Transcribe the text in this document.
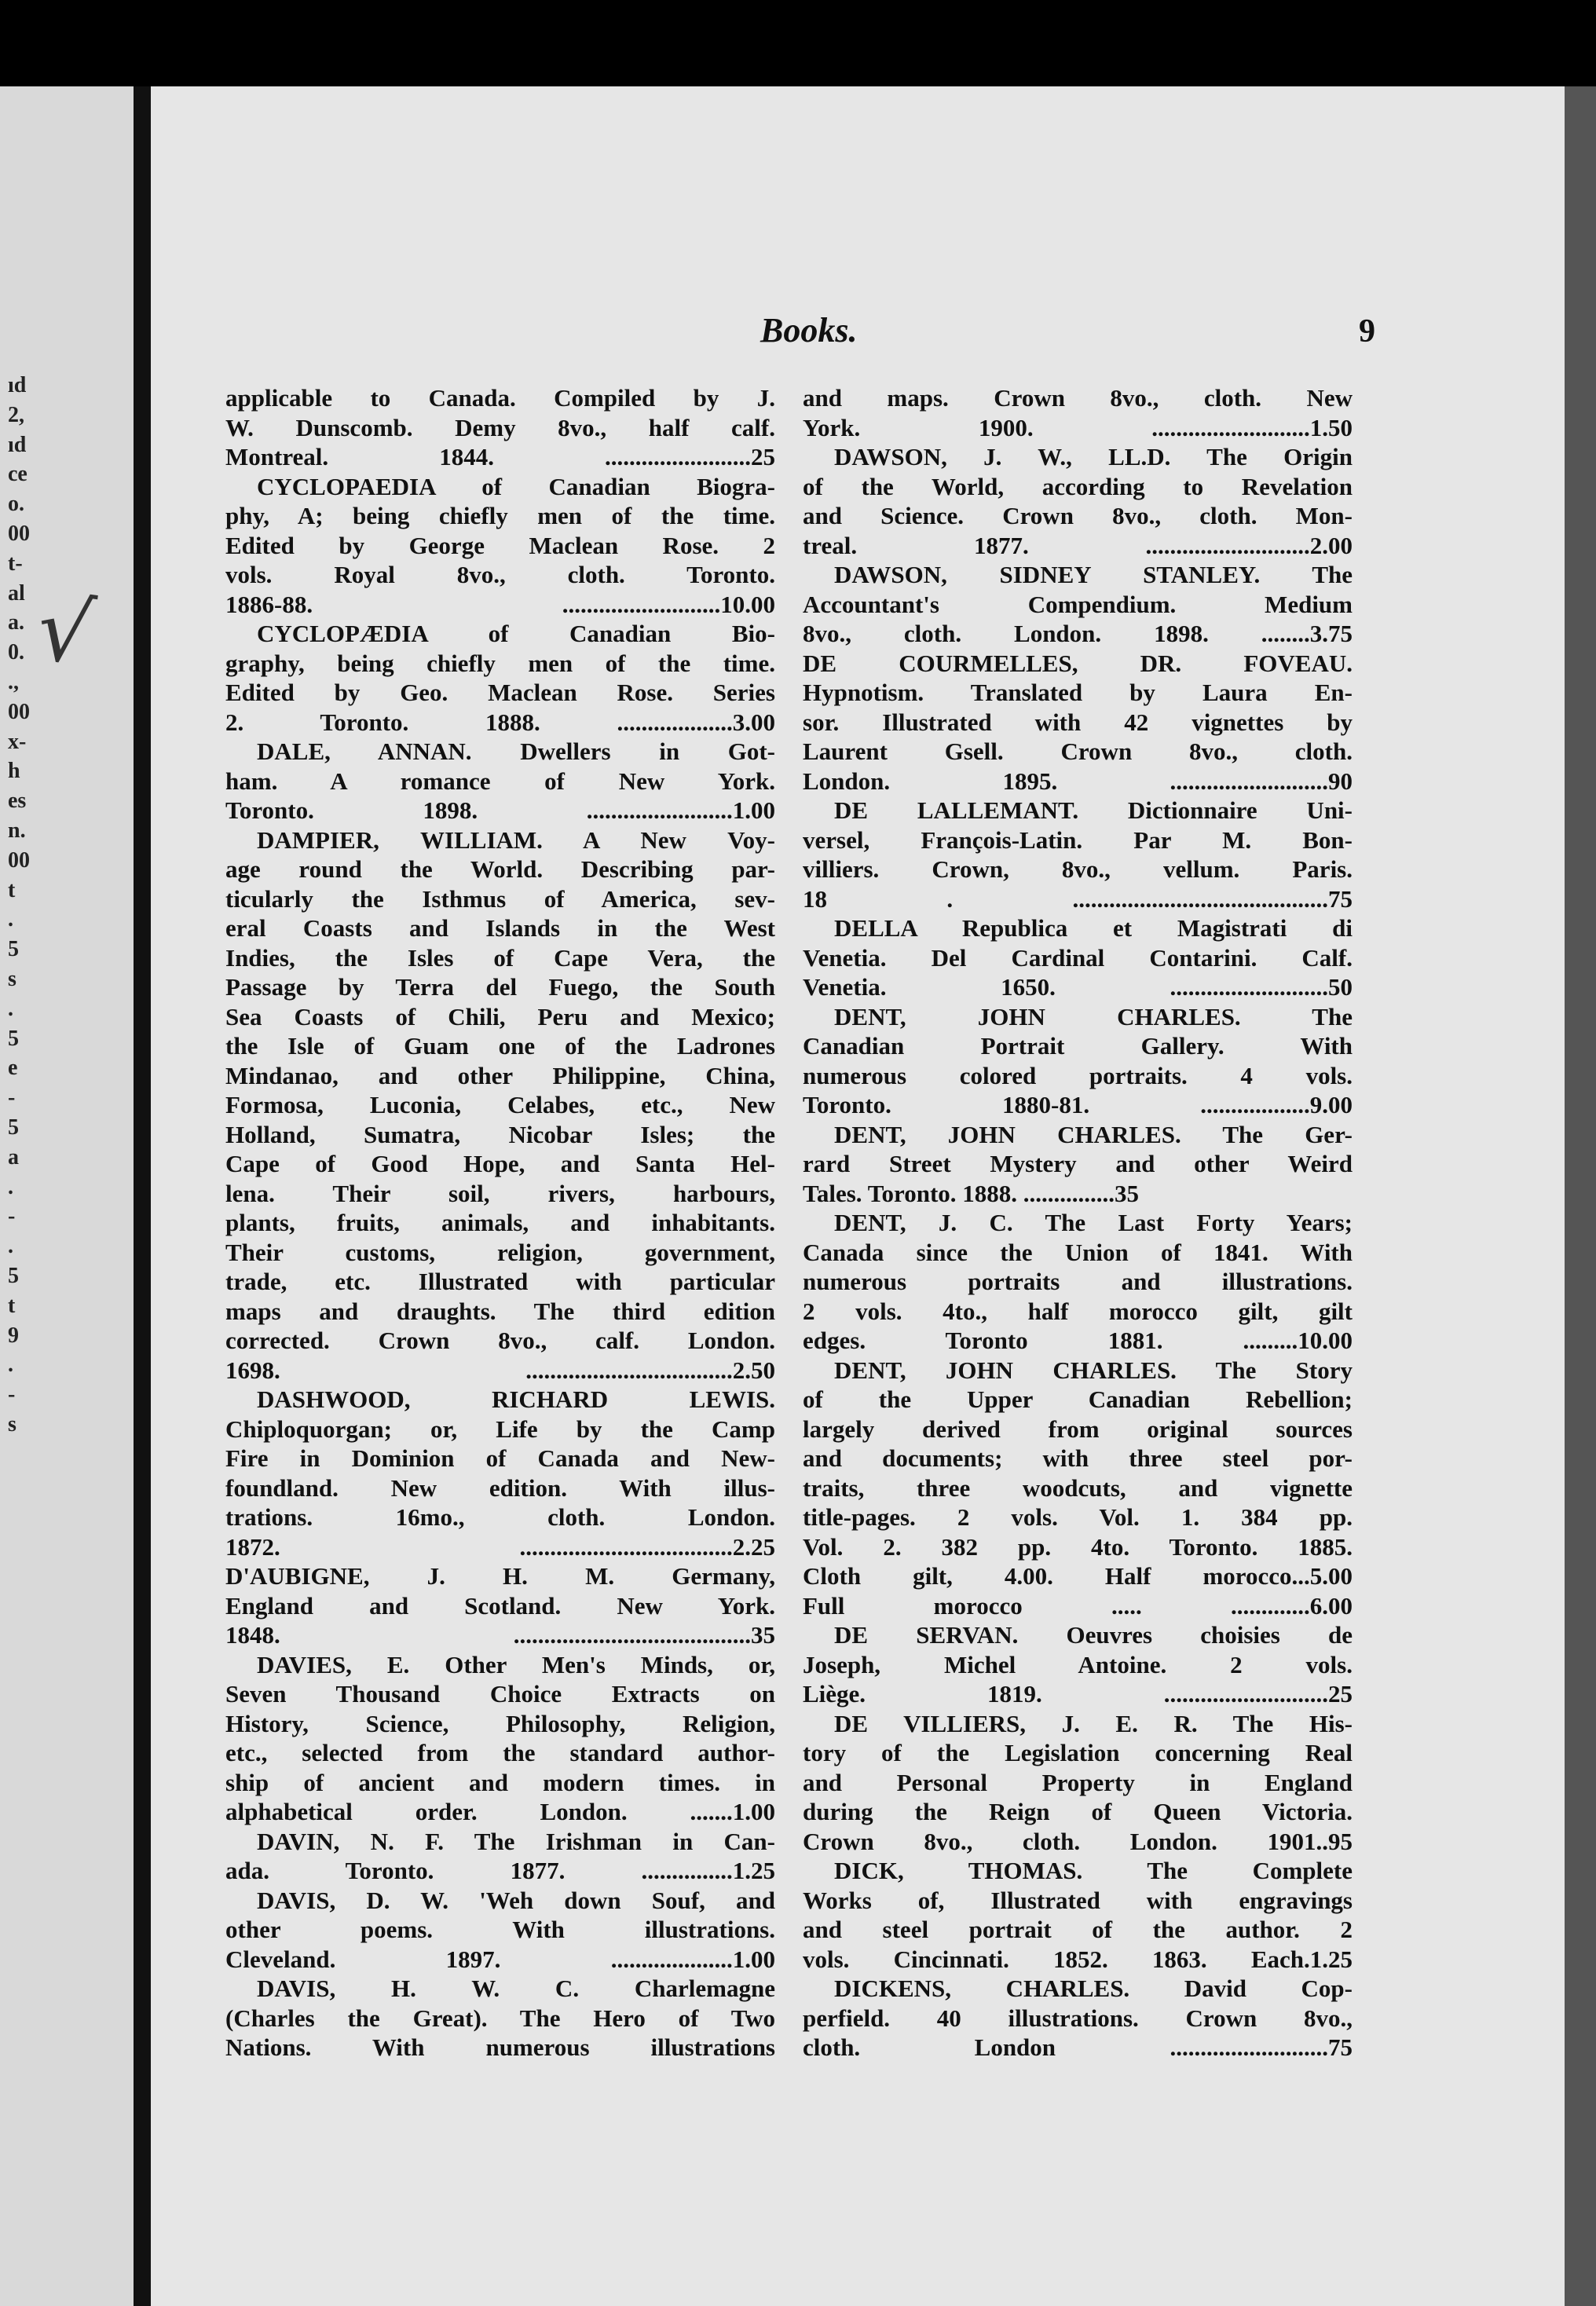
ıd
2,
ıd
ce
o.
00
t-
al
a.
0.
.,
00
x-
h
es
n.
00
t
.
5
s
.
5
e
-
5
a
.
-
.
5
t
9
.
-
s
√
Books.	9
applicable to Canada. Compiled by J.
W. Dunscomb. Demy 8vo., half calf.
Montreal. 1844. ........................25
CYCLOPAEDIA of Canadian Biogra-
phy, A; being chiefly men of the time.
Edited by George Maclean Rose. 2
vols. Royal 8vo., cloth. Toronto.
1886-88. ..........................10.00
CYCLOPÆDIA of Canadian Bio-
graphy, being chiefly men of the time.
Edited by Geo. Maclean Rose. Series
2. Toronto. 1888. ...................3.00
DALE, ANNAN. Dwellers in Got-
ham. A romance of New York.
Toronto. 1898. ........................1.00
DAMPIER, WILLIAM. A New Voy-
age round the World. Describing par-
ticularly the Isthmus of America, sev-
eral Coasts and Islands in the West
Indies, the Isles of Cape Vera, the
Passage by Terra del Fuego, the South
Sea Coasts of Chili, Peru and Mexico;
the Isle of Guam one of the Ladrones
Mindanao, and other Philippine, China,
Formosa, Luconia, Celabes, etc., New
Holland, Sumatra, Nicobar Isles; the
Cape of Good Hope, and Santa Hel-
lena. Their soil, rivers, harbours,
plants, fruits, animals, and inhabitants.
Their customs, religion, government,
trade, etc. Illustrated with particular
maps and draughts. The third edition
corrected. Crown 8vo., calf. London.
1698. ..................................2.50
DASHWOOD, RICHARD LEWIS.
Chiploquorgan; or, Life by the Camp
Fire in Dominion of Canada and New-
foundland. New edition. With illus-
trations. 16mo., cloth. London.
1872. ...................................2.25
D'AUBIGNE, J. H. M. Germany,
England and Scotland. New York.
1848. .......................................35
DAVIES, E. Other Men's Minds, or,
Seven Thousand Choice Extracts on
History, Science, Philosophy, Religion,
etc., selected from the standard author-
ship of ancient and modern times. in
alphabetical order. London. .......1.00
DAVIN, N. F. The Irishman in Can-
ada. Toronto. 1877. ...............1.25
DAVIS, D. W. 'Weh down Souf, and
other poems. With illustrations.
Cleveland. 1897. ....................1.00
DAVIS, H. W. C. Charlemagne
(Charles the Great). The Hero of Two
Nations. With numerous illustrations
and maps. Crown 8vo., cloth. New
York. 1900. ..........................1.50
DAWSON, J. W., LL.D. The Origin
of the World, according to Revelation
and Science. Crown 8vo., cloth. Mon-
treal. 1877. ...........................2.00
DAWSON, SIDNEY STANLEY. The
Accountant's Compendium. Medium
8vo., cloth. London. 1898. ........3.75
DE COURMELLES, DR. FOVEAU.
Hypnotism. Translated by Laura En-
sor. Illustrated with 42 vignettes by
Laurent Gsell. Crown 8vo., cloth.
London. 1895. ..........................90
DE LALLEMANT. Dictionnaire Uni-
versel, François-Latin. Par M. Bon-
villiers. Crown, 8vo., vellum. Paris.
18 . ..........................................75
DELLA Republica et Magistrati di
Venetia. Del Cardinal Contarini. Calf.
Venetia. 1650. ..........................50
DENT, JOHN CHARLES. The
Canadian Portrait Gallery. With
numerous colored portraits. 4 vols.
Toronto. 1880-81. ..................9.00
DENT, JOHN CHARLES. The Ger-
rard Street Mystery and other Weird
Tales. Toronto. 1888. ...............35
DENT, J. C. The Last Forty Years;
Canada since the Union of 1841. With
numerous portraits and illustrations.
2 vols. 4to., half morocco gilt, gilt
edges. Toronto 1881. .........10.00
DENT, JOHN CHARLES. The Story
of the Upper Canadian Rebellion;
largely derived from original sources
and documents; with three steel por-
traits, three woodcuts, and vignette
title-pages. 2 vols. Vol. 1. 384 pp.
Vol. 2. 382 pp. 4to. Toronto. 1885.
Cloth gilt, 4.00. Half morocco...5.00
Full morocco ..... .............6.00
DE SERVAN. Oeuvres choisies de
Joseph, Michel Antoine. 2 vols.
Liège. 1819. ...........................25
DE VILLIERS, J. E. R. The His-
tory of the Legislation concerning Real
and Personal Property in England
during the Reign of Queen Victoria.
Crown 8vo., cloth. London. 1901..95
DICK, THOMAS. The Complete
Works of, Illustrated with engravings
and steel portrait of the author. 2
vols. Cincinnati. 1852. 1863. Each.1.25
DICKENS, CHARLES. David Cop-
perfield. 40 illustrations. Crown 8vo.,
cloth. London ..........................75
